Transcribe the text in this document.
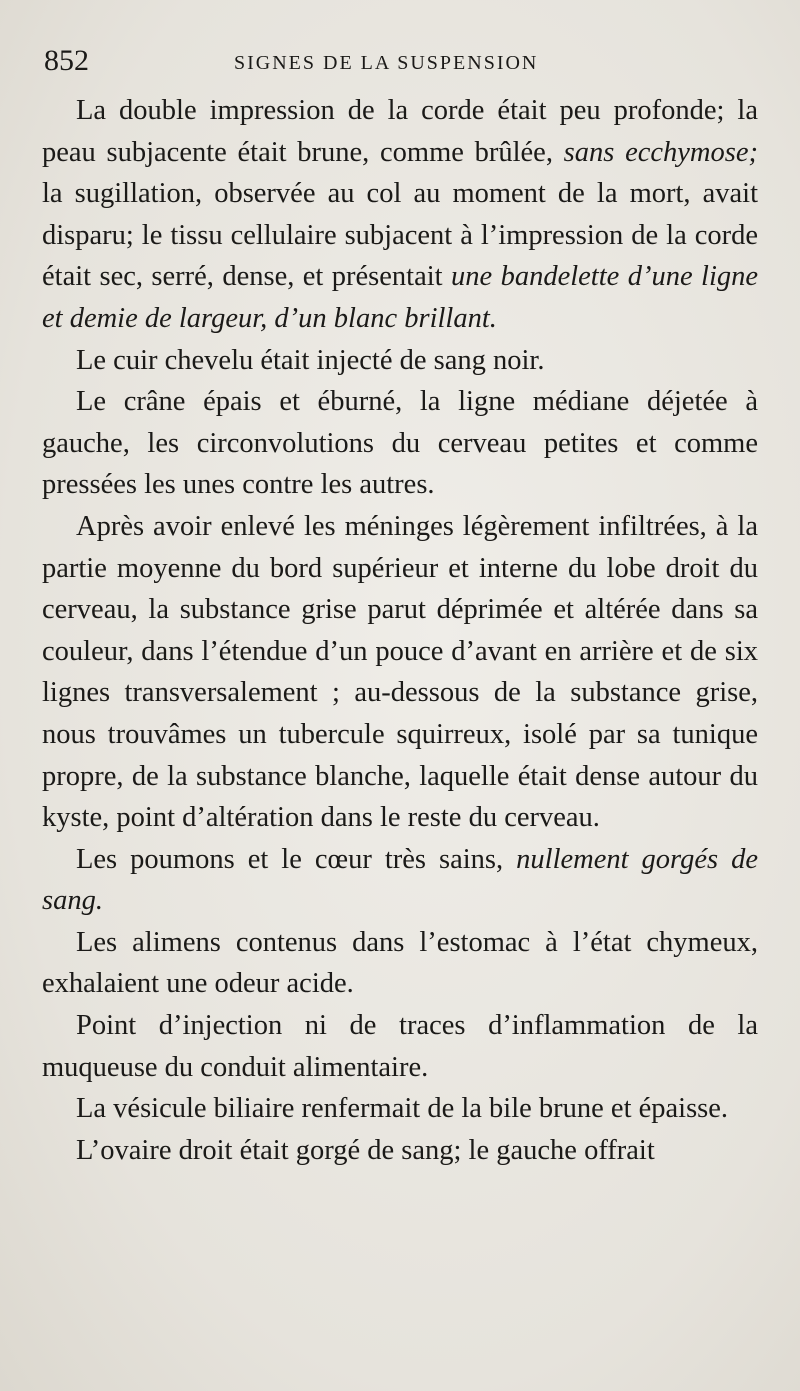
852	SIGNES DE LA SUSPENSION

La double impression de la corde était peu profonde; la peau subjacente était brune, comme brûlée, sans ecchymose; la sugillation, observée au col au moment de la mort, avait disparu; le tissu cellulaire subjacent à l’impression de la corde était sec, serré, dense, et présentait une bandelette d’une ligne et demie de largeur, d’un blanc brillant.

Le cuir chevelu était injecté de sang noir.

Le crâne épais et éburné, la ligne médiane déjetée à gauche, les circonvolutions du cerveau petites et comme pressées les unes contre les autres.

Après avoir enlevé les méninges légèrement infiltrées, à la partie moyenne du bord supérieur et interne du lobe droit du cerveau, la substance grise parut déprimée et altérée dans sa couleur, dans l’étendue d’un pouce d’avant en arrière et de six lignes transversalement ; au-dessous de la substance grise, nous trouvâmes un tubercule squirreux, isolé par sa tunique propre, de la substance blanche, laquelle était dense autour du kyste, point d’altération dans le reste du cerveau.

Les poumons et le cœur très sains, nullement gorgés de sang.

Les alimens contenus dans l’estomac à l’état chymeux, exhalaient une odeur acide.

Point d’injection ni de traces d’inflammation de la muqueuse du conduit alimentaire.

La vésicule biliaire renfermait de la bile brune et épaisse.

L’ovaire droit était gorgé de sang; le gauche offrait
